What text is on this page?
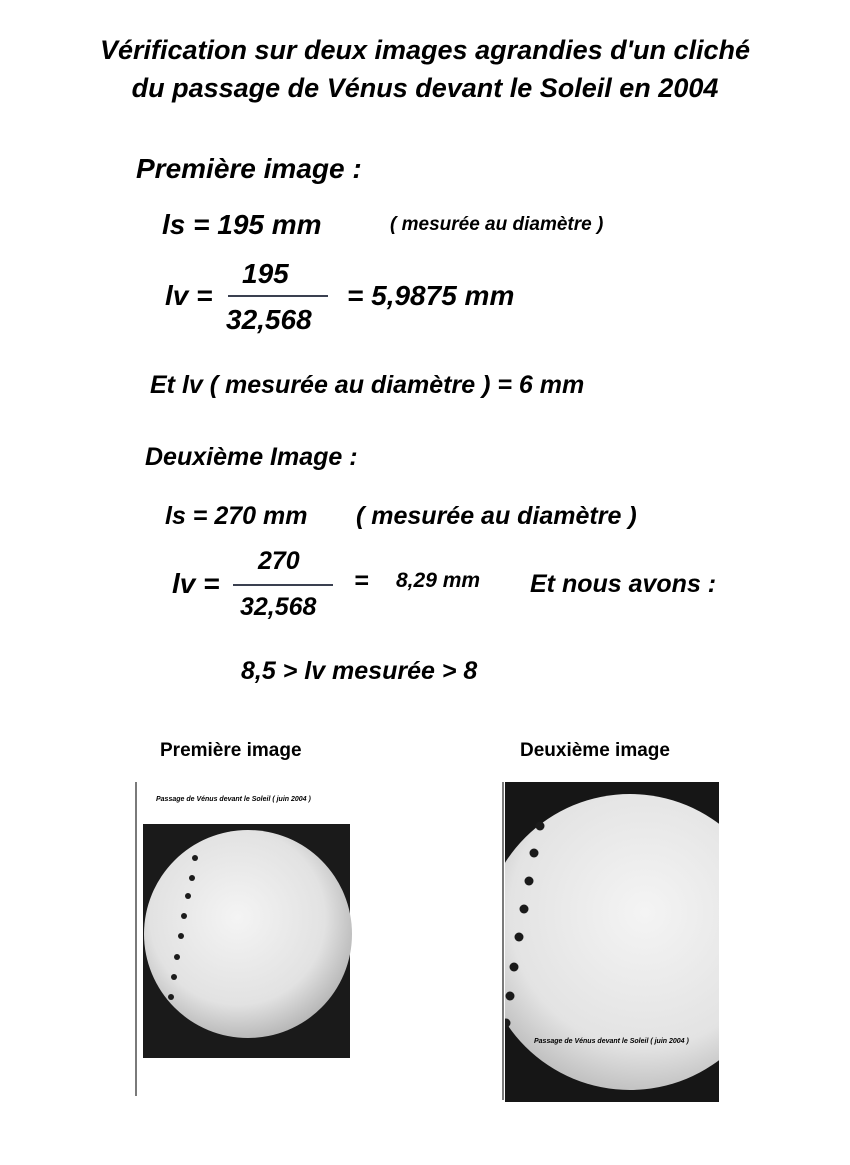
Vérification sur deux images agrandies d'un cliché
du passage de Vénus devant le Soleil en 2004
Première image :
ls = 195 mm	( mesurée au diamètre )
lv =
195
32,568
= 5,9875 mm
Et lv ( mesurée au diamètre ) = 6 mm
Deuxième Image :
ls = 270 mm ( mesurée au diamètre )
lv =
270
32,568
= 8,29 mm Et nous avons :
8,5 > lv mesurée > 8
Première image	Deuxième image
Passage de Vénus devant le Soleil ( juin 2004 )
Passage de Vénus devant le Soleil ( juin 2004 )
